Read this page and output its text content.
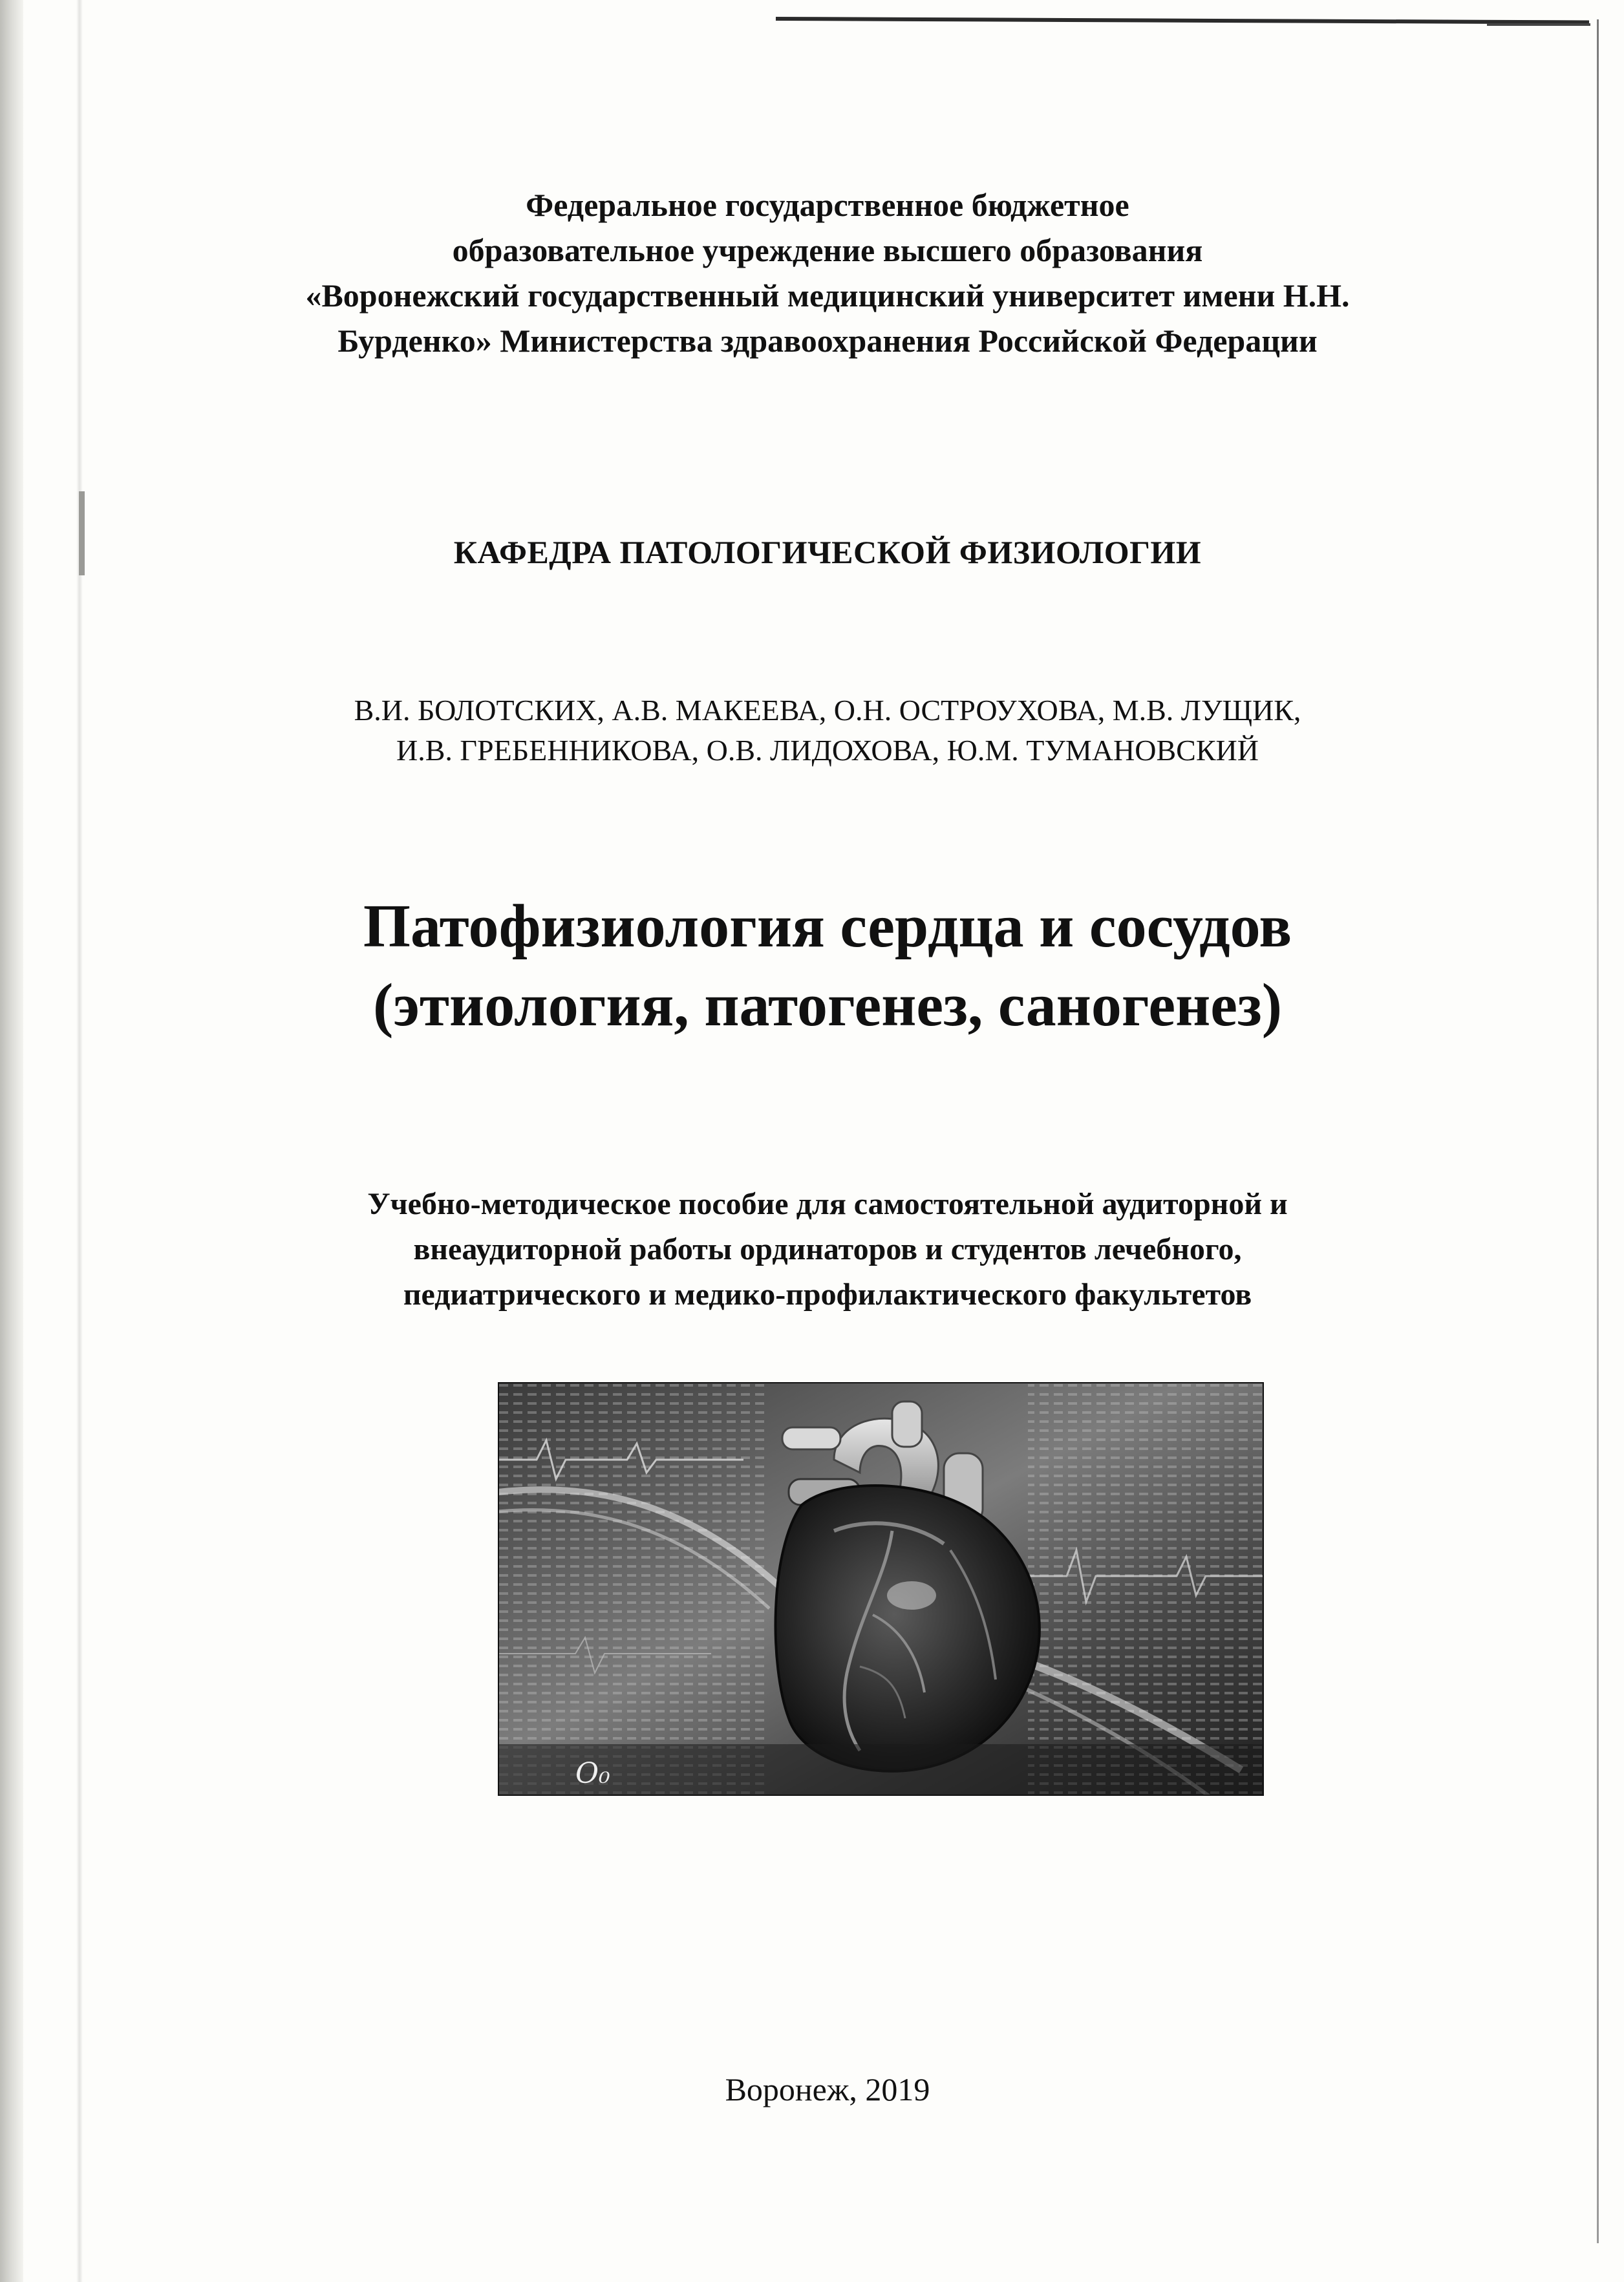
Федеральное государственное бюджетное
образовательное учреждение высшего образования
«Воронежский государственный медицинский университет имени Н.Н.
Бурденко» Министерства здравоохранения Российской Федерации
КАФЕДРА ПАТОЛОГИЧЕСКОЙ ФИЗИОЛОГИИ
В.И. БОЛОТСКИХ, А.В. МАКЕЕВА, О.Н. ОСТРОУХОВА, М.В. ЛУЩИК,
И.В. ГРЕБЕННИКОВА, О.В. ЛИДОХОВА, Ю.М. ТУМАНОВСКИЙ
Патофизиология сердца и сосудов
(этиология, патогенез, саногенез)
Учебно-методическое пособие для самостоятельной аудиторной и
внеаудиторной работы ординаторов и студентов лечебного,
педиатрического и медико-профилактического факультетов
O₀
Воронеж, 2019
